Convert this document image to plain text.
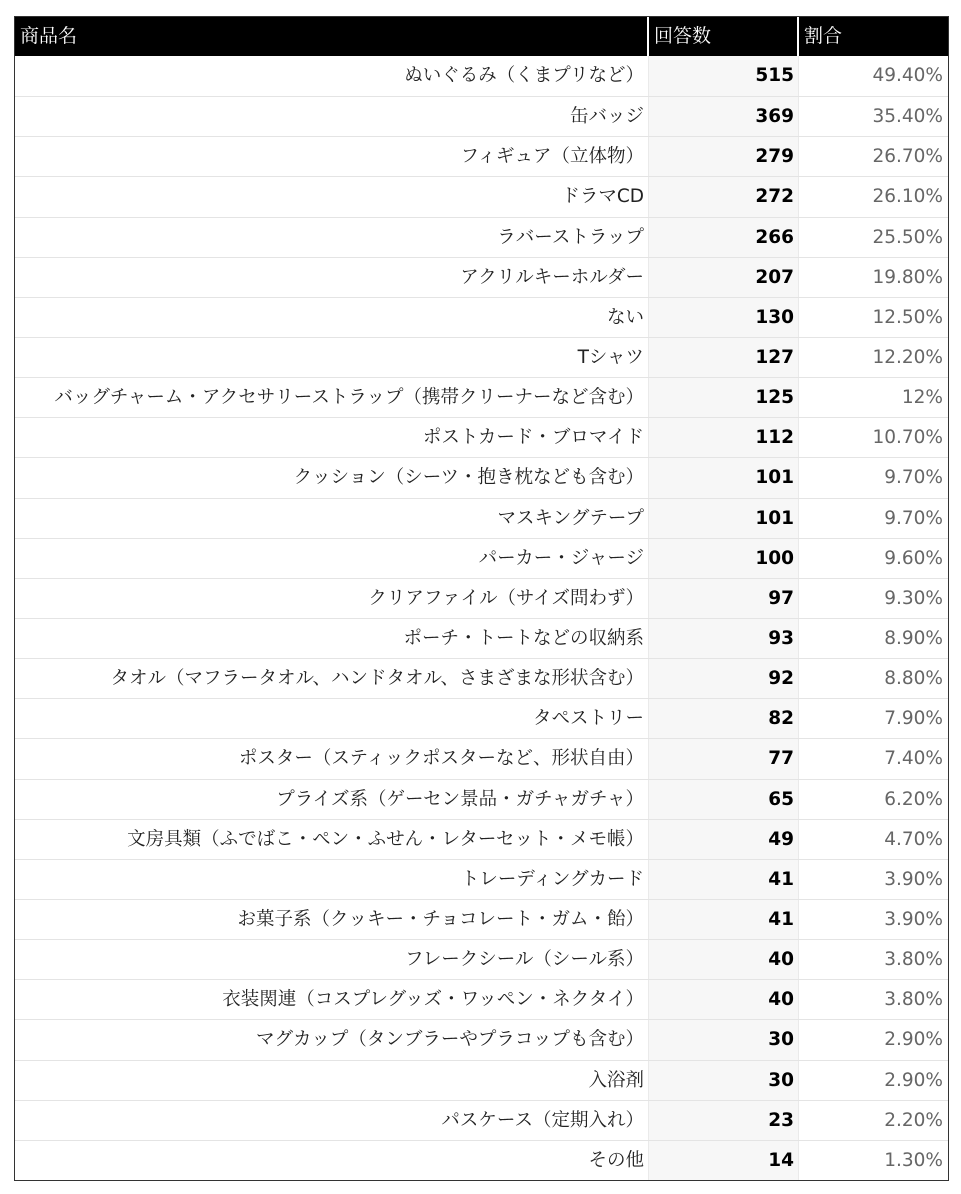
商品名	回答数	割合
ぬいぐるみ（くまプリなど）	515	49.40%
缶バッジ	369	35.40%
フィギュア（立体物）	279	26.70%
ドラマCD	272	26.10%
ラバーストラップ	266	25.50%
アクリルキーホルダー	207	19.80%
ない	130	12.50%
Tシャツ	127	12.20%
バッグチャーム・アクセサリーストラップ（携帯クリーナーなど含む）	125	12%
ポストカード・ブロマイド	112	10.70%
クッション（シーツ・抱き枕なども含む）	101	9.70%
マスキングテープ	101	9.70%
パーカー・ジャージ	100	9.60%
クリアファイル（サイズ問わず）	97	9.30%
ポーチ・トートなどの収納系	93	8.90%
タオル（マフラータオル、ハンドタオル、さまざまな形状含む）	92	8.80%
タペストリー	82	7.90%
ポスター（スティックポスターなど、形状自由）	77	7.40%
プライズ系（ゲーセン景品・ガチャガチャ）	65	6.20%
文房具類（ふでばこ・ペン・ふせん・レターセット・メモ帳）	49	4.70%
トレーディングカード	41	3.90%
お菓子系（クッキー・チョコレート・ガム・飴）	41	3.90%
フレークシール（シール系）	40	3.80%
衣装関連（コスプレグッズ・ワッペン・ネクタイ）	40	3.80%
マグカップ（タンブラーやプラコップも含む）	30	2.90%
入浴剤	30	2.90%
パスケース（定期入れ）	23	2.20%
その他	14	1.30%
